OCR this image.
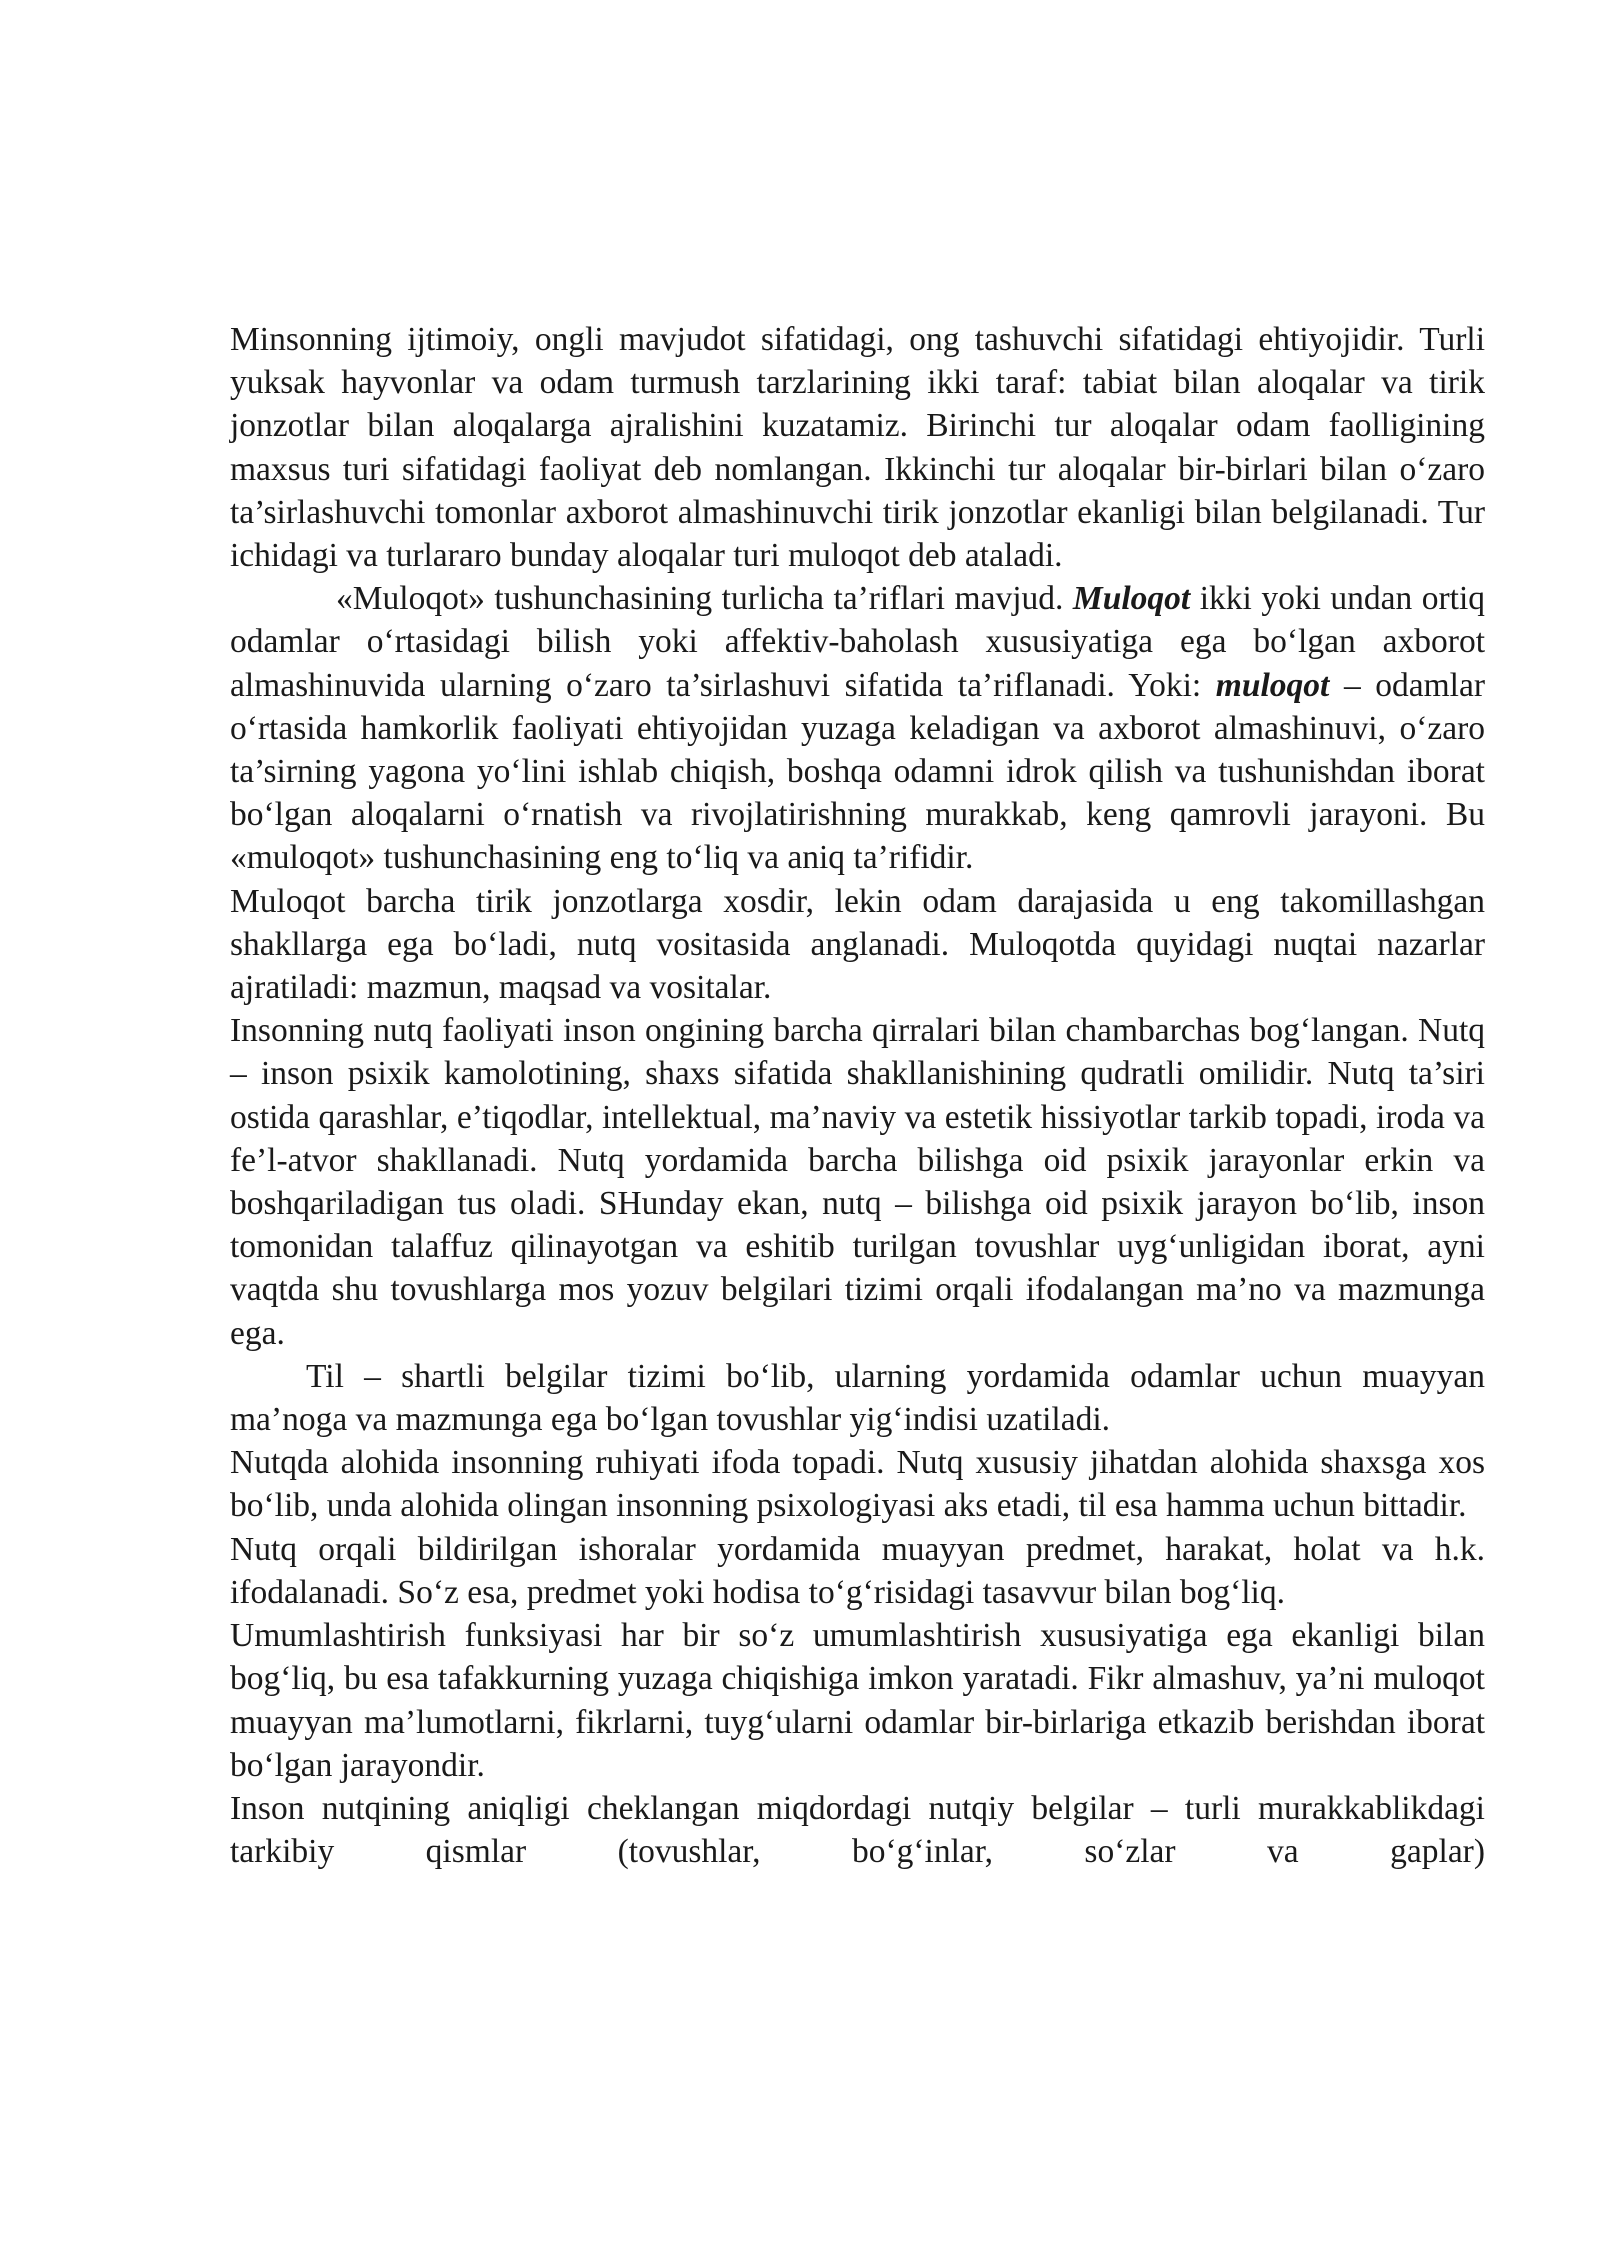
Minsonning ijtimoiy, ongli mavjudot sifatidagi, ong tashuvchi sifatidagi ehtiyojidir. Turli yuksak hayvonlar va odam turmush tarzlarining ikki taraf: tabiat bilan aloqalar va tirik jonzotlar bilan aloqalarga ajralishini kuzatamiz. Birinchi tur aloqalar odam faolligining maxsus turi sifatidagi faoliyat deb nomlangan. Ikkinchi tur aloqalar bir-birlari bilan o‘zaro ta’sirlashuvchi tomonlar axborot almashinuvchi tirik jonzotlar ekanligi bilan belgilanadi. Tur ichidagi va turlararo bunday aloqalar turi muloqot deb ataladi.

«Muloqot» tushunchasining turlicha ta’riflari mavjud. Muloqot ikki yoki undan ortiq odamlar o‘rtasidagi bilish yoki affektiv-baholash xususiyatiga ega bo‘lgan axborot almashinuvida ularning o‘zaro ta’sirlashuvi sifatida ta’riflanadi. Yoki: muloqot – odamlar o‘rtasida hamkorlik faoliyati ehtiyojidan yuzaga keladigan va axborot almashinuvi, o‘zaro ta’sirning yagona yo‘lini ishlab chiqish, boshqa odamni idrok qilish va tushunishdan iborat bo‘lgan aloqalarni o‘rnatish va rivojlatirishning murakkab, keng qamrovli jarayoni. Bu «muloqot» tushunchasining eng to‘liq va aniq ta’rifidir.

Muloqot barcha tirik jonzotlarga xosdir, lekin odam darajasida u eng takomillashgan shakllarga ega bo‘ladi, nutq vositasida anglanadi. Muloqotda quyidagi nuqtai nazarlar ajratiladi: mazmun, maqsad va vositalar.

Insonning nutq faoliyati inson ongining barcha qirralari bilan chambarchas bog‘langan. Nutq – inson psixik kamolotining, shaxs sifatida shakllanishining qudratli omilidir. Nutq ta’siri ostida qarashlar, e’tiqodlar, intellektual, ma’naviy va estetik hissiyotlar tarkib topadi, iroda va fe’l-atvor shakllanadi. Nutq yordamida barcha bilishga oid psixik jarayonlar erkin va boshqariladigan tus oladi. SHunday ekan, nutq – bilishga oid psixik jarayon bo‘lib, inson tomonidan talaffuz qilinayotgan va eshitib turilgan tovushlar uyg‘unligidan iborat, ayni vaqtda shu tovushlarga mos yozuv belgilari tizimi orqali ifodalangan ma’no va mazmunga ega.

Til – shartli belgilar tizimi bo‘lib, ularning yordamida odamlar uchun muayyan ma’noga va mazmunga ega bo‘lgan tovushlar yig‘indisi uzatiladi.

Nutqda alohida insonning ruhiyati ifoda topadi. Nutq xususiy jihatdan alohida shaxsga xos bo‘lib, unda alohida olingan insonning psixologiyasi aks etadi, til esa hamma uchun bittadir.

Nutq orqali bildirilgan ishoralar yordamida muayyan predmet, harakat, holat va h.k. ifodalanadi. So‘z esa, predmet yoki hodisa to‘g‘risidagi tasavvur bilan bog‘liq.

Umumlashtirish funksiyasi har bir so‘z umumlashtirish xususiyatiga ega ekanligi bilan bog‘liq, bu esa tafakkurning yuzaga chiqishiga imkon yaratadi. Fikr almashuv, ya’ni muloqot muayyan ma’lumotlarni, fikrlarni, tuyg‘ularni odamlar bir-birlariga etkazib berishdan iborat bo‘lgan jarayondir.

Inson nutqining aniqligi cheklangan miqdordagi nutqiy belgilar – turli murakkablikdagi tarkibiy qismlar (tovushlar, bo‘g‘inlar, so‘zlar va gaplar)
